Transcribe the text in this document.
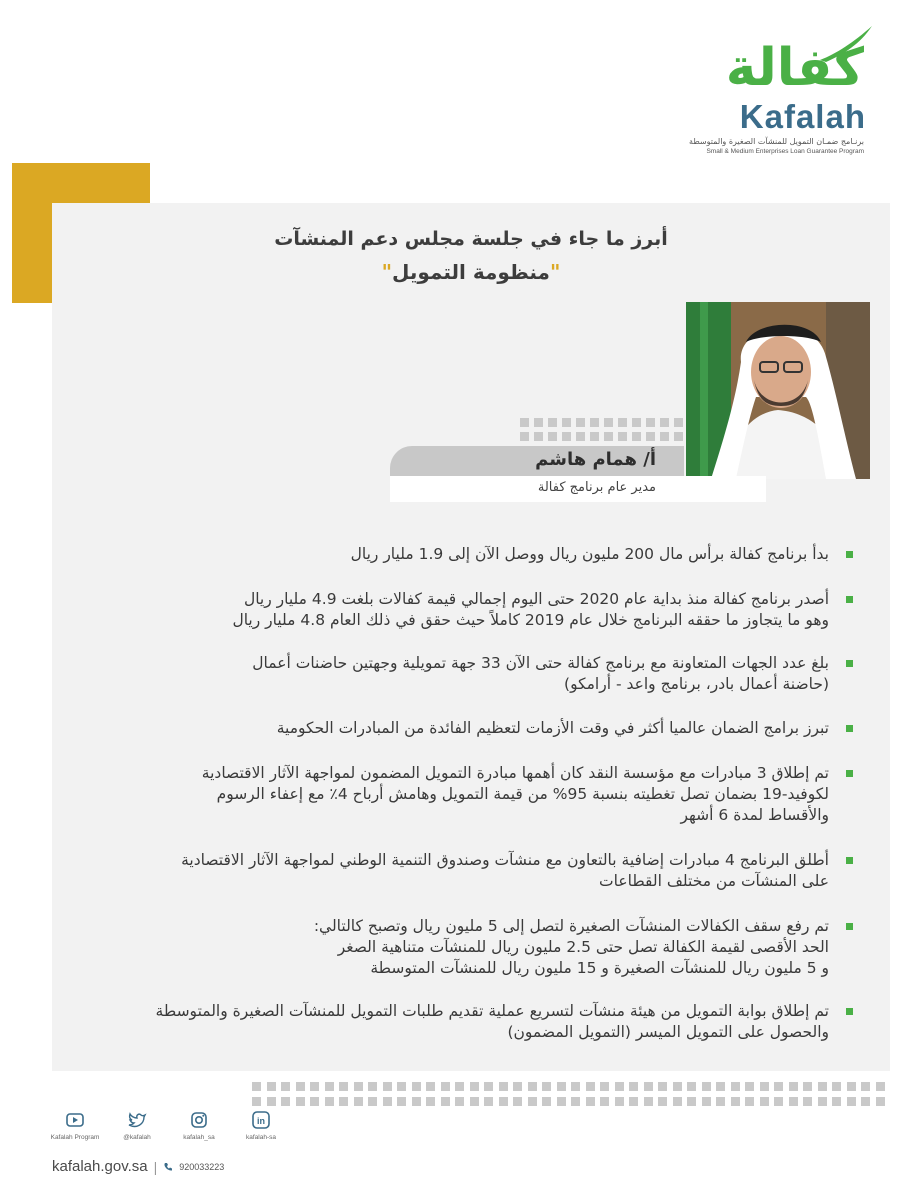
كفالة
Kafalah
برنـامج ضمـان التمويل للمنشآت الصغيرة والمتوسطة
Small & Medium Enterprises Loan Guarantee Program
أبرز ما جاء في جلسة مجلس دعم المنشآت
"منظومة التمويل"
أ/ همام هاشم
مدير عام برنامج كفالة
بدأ برنامج كفالة برأس مال 200 مليون ريال ووصل الآن إلى 1.9 مليار ريال
أصدر برنامج كفالة منذ بداية عام 2020 حتى اليوم إجمالي قيمة كفالات بلغت 4.9 مليار ريال
وهو ما يتجاوز ما حققه البرنامج خلال عام 2019 كاملاً حيث حقق في ذلك العام 4.8 مليار ريال
بلغ عدد الجهات المتعاونة مع برنامج كفالة حتى الآن 33 جهة تمويلية وجهتين حاضنات أعمال
(حاضنة أعمال بادر، برنامج واعد - أرامكو)
تبرز برامج الضمان عالميا أكثر في وقت الأزمات لتعظيم الفائدة من المبادرات الحكومية
تم إطلاق 3 مبادرات مع مؤسسة النقد كان أهمها مبادرة التمويل المضمون لمواجهة الآثار الاقتصادية
لكوفيد-19 بضمان تصل تغطيته بنسبة 95% من قيمة التمويل وهامش أرباح 4٪ مع إعفاء الرسوم
والأقساط لمدة 6 أشهر
أطلق البرنامج 4 مبادرات إضافية بالتعاون مع منشآت وصندوق التنمية الوطني لمواجهة الآثار الاقتصادية
على المنشآت من مختلف القطاعات
تم رفع سقف الكفالات المنشآت الصغيرة لتصل إلى 5 مليون ريال وتصبح كالتالي:
الحد الأقصى لقيمة الكفالة تصل حتى 2.5 مليون ريال للمنشآت متناهية الصغر
و 5 مليون ريال للمنشآت الصغيرة و 15 مليون ريال للمنشآت المتوسطة
تم إطلاق بوابة التمويل من هيئة منشآت لتسريع عملية تقديم طلبات التمويل للمنشآت الصغيرة والمتوسطة
والحصول على التمويل الميسر (التمويل المضمون)
Kafalah Program	@kafalah	kafalah_sa
in
kafalah-sa
kafalah.gov.sa | 920033223
